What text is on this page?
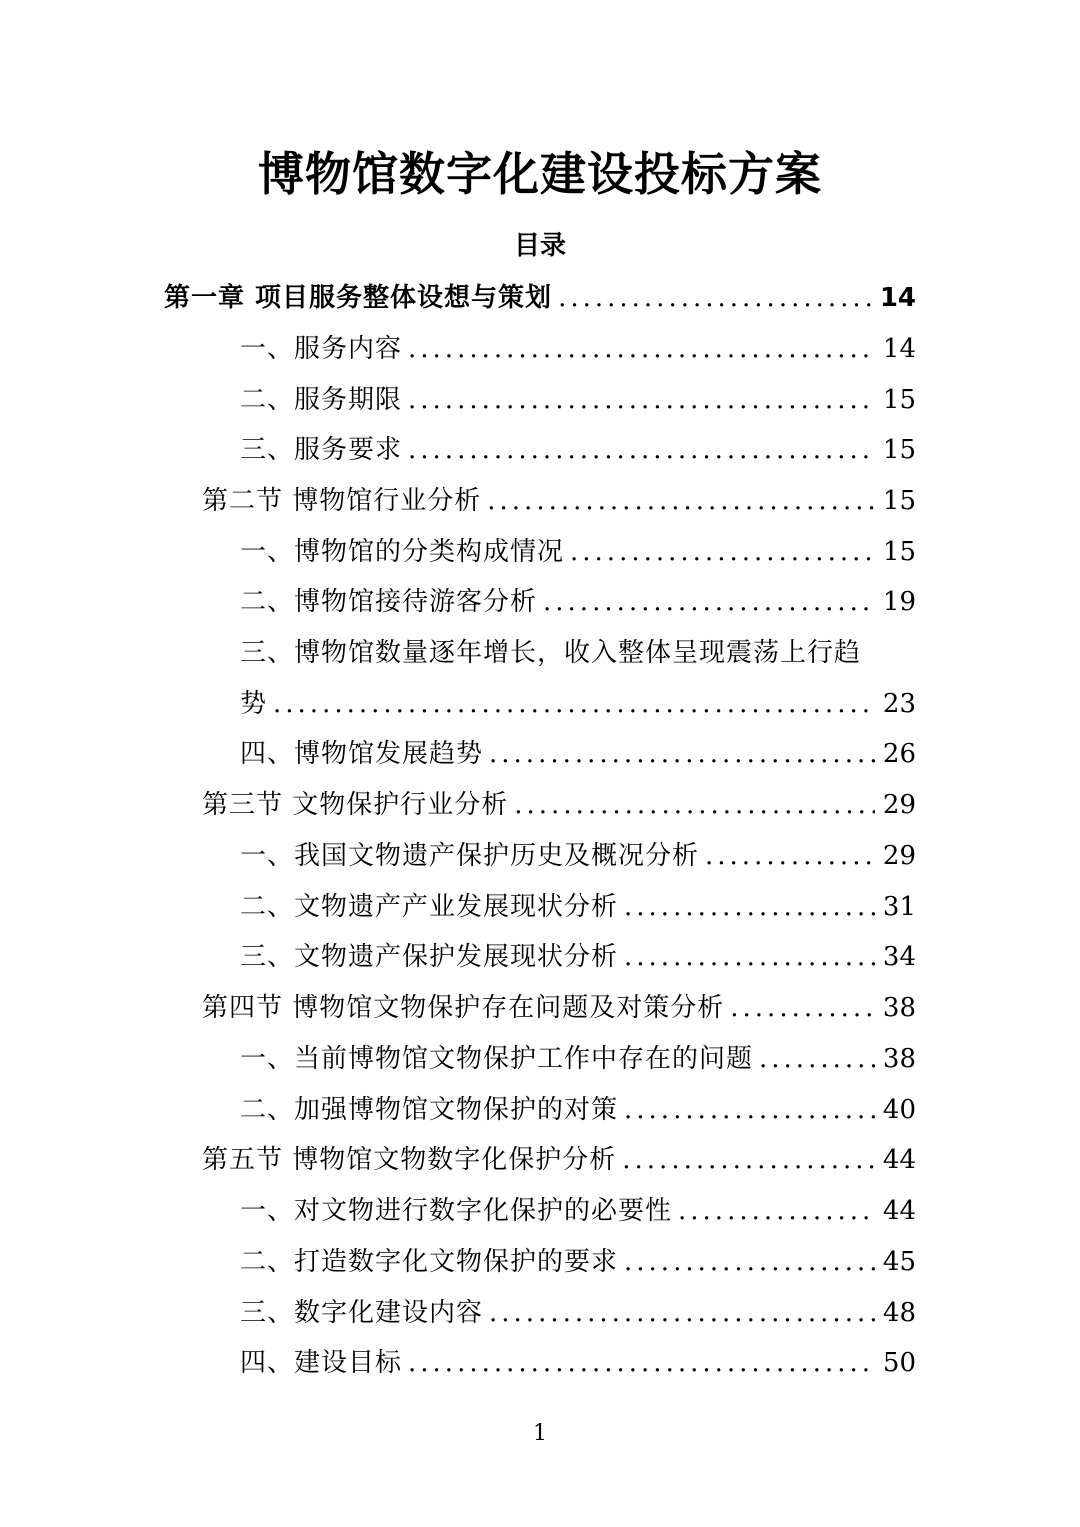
博物馆数字化建设投标方案
目录
第一章 项目服务整体设想与策划 .....	14
一、服务内容 .....	14
二、服务期限 .....	15
三、服务要求 .....	15
第二节 博物馆行业分析 .....	15
一、博物馆的分类构成情况 .....	15
二、博物馆接待游客分析 .....	19
三、博物馆数量逐年增长，收入整体呈现震荡上行趋
势 .....	23
四、博物馆发展趋势 .....	26
第三节 文物保护行业分析 .....	29
一、我国文物遗产保护历史及概况分析 .....	29
二、文物遗产产业发展现状分析 .....	31
三、文物遗产保护发展现状分析 .....	34
第四节 博物馆文物保护存在问题及对策分析 .....	38
一、当前博物馆文物保护工作中存在的问题 .....	38
二、加强博物馆文物保护的对策 .....	40
第五节 博物馆文物数字化保护分析 .....	44
一、对文物进行数字化保护的必要性 .....	44
二、打造数字化文物保护的要求 .....	45
三、数字化建设内容 .....	48
四、建设目标 .....	50
1
